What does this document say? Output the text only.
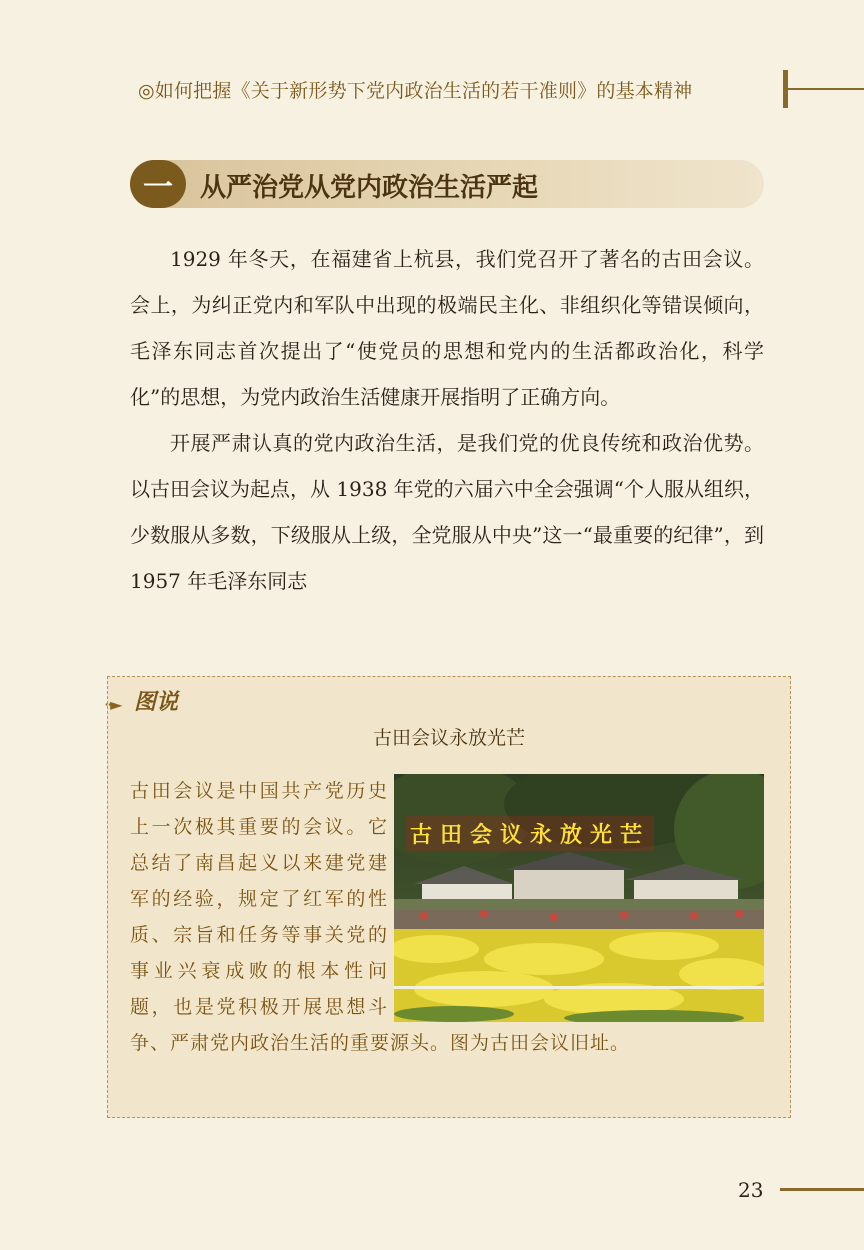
◎如何把握《关于新形势下党内政治生活的若干准则》的基本精神
一	从严治党从党内政治生活严起

1929 年冬天，在福建省上杭县，我们党召开了著名的古田会议。会上，为纠正党内和军队中出现的极端民主化、非组织化等错误倾向，毛泽东同志首次提出了“使党员的思想和党内的生活都政治化，科学化”的思想，为党内政治生活健康开展指明了正确方向。

开展严肃认真的党内政治生活，是我们党的优良传统和政治优势。以古田会议为起点，从 1938 年党的六届六中全会强调“个人服从组织，少数服从多数，下级服从上级，全党服从中央”这一“最重要的纪律”，到 1957 年毛泽东同志

··► 图说
古田会议永放光芒
古田会议是中国共产党历史上一次极其重要的会议。它总结了南昌起义以来建党建军的经验，规定了红军的性质、宗旨和任务等事关党的事业兴衰成败的根本性问题，也是党积极开展思想斗争、严肃党内政治生活的重要源头。图为古田会议旧址。
古田会议永放光芒
23
